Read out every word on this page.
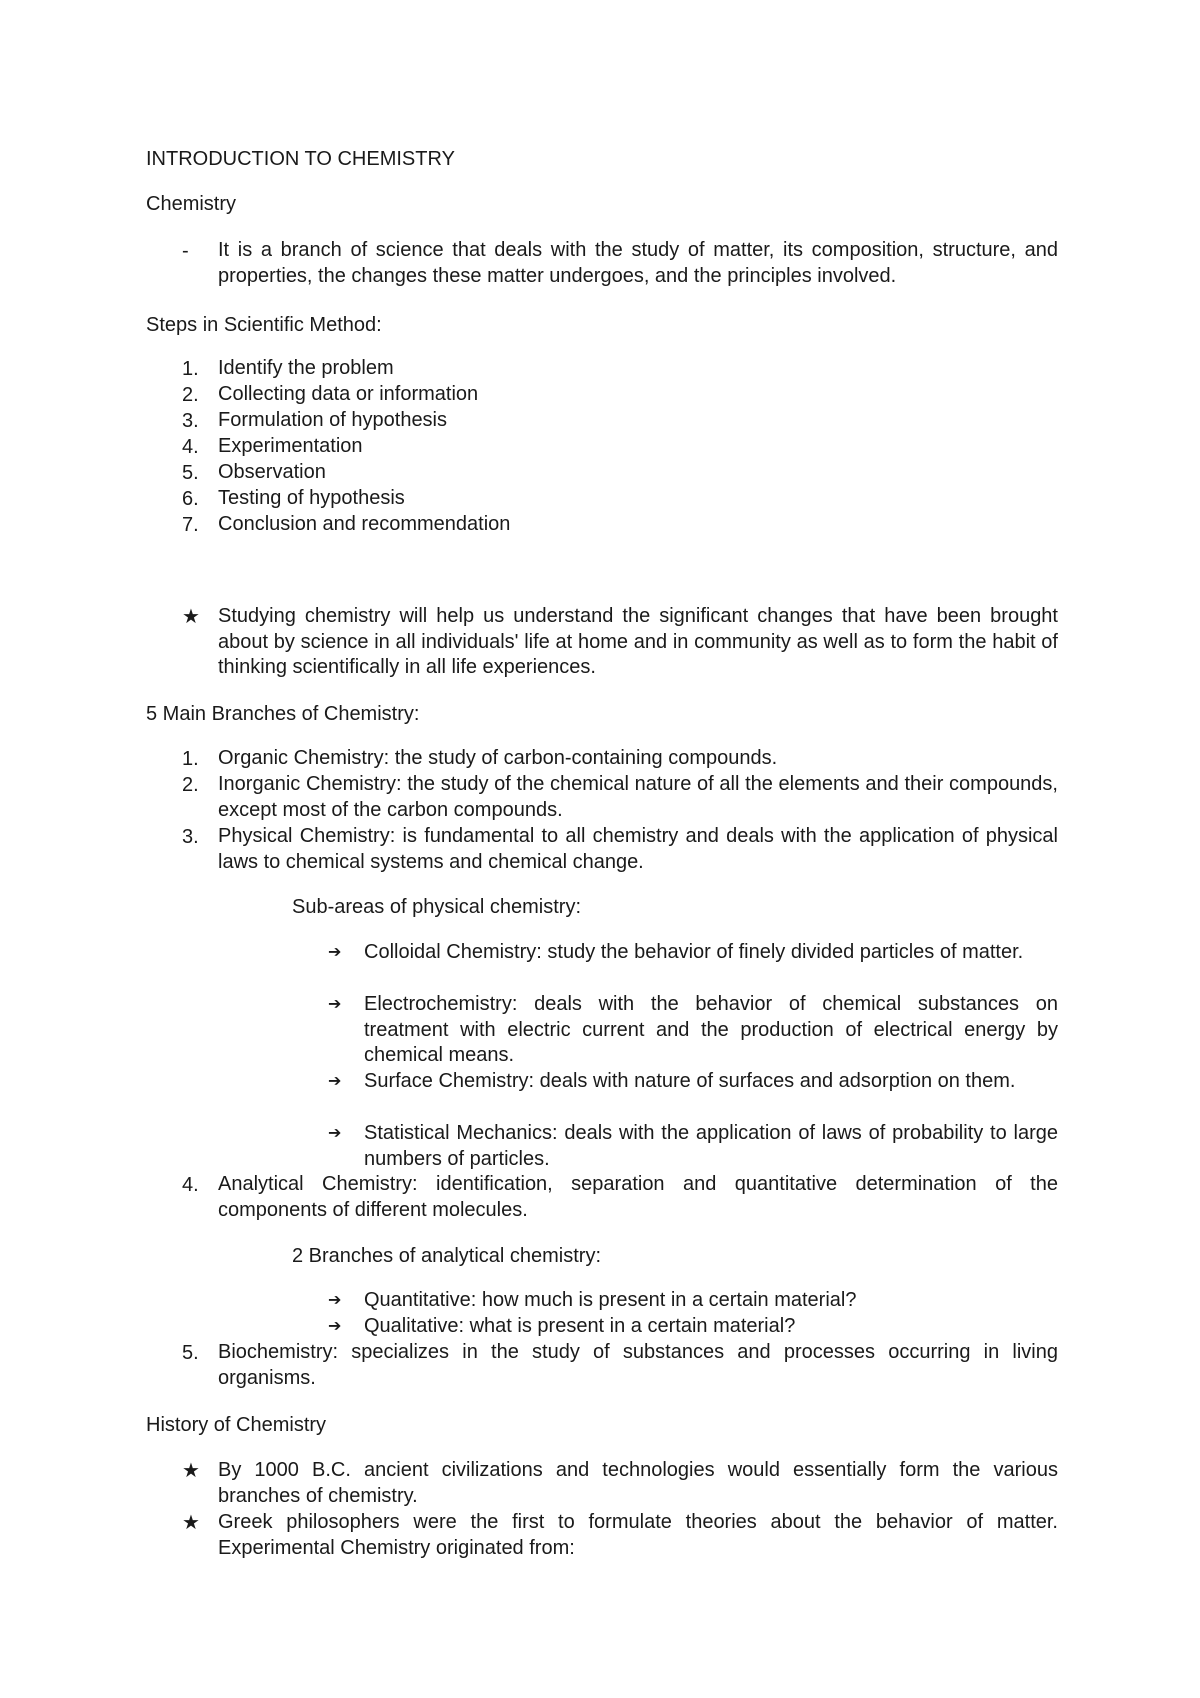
INTRODUCTION TO CHEMISTRY
Chemistry
- It is a branch of science that deals with the study of matter, its composition, structure, and properties, the changes these matter undergoes, and the principles involved.
Steps in Scientific Method:
1. Identify the problem
2. Collecting data or information
3. Formulation of hypothesis
4. Experimentation
5. Observation
6. Testing of hypothesis
7. Conclusion and recommendation
★ Studying chemistry will help us understand the significant changes that have been brought about by science in all individuals' life at home and in community as well as to form the habit of thinking scientifically in all life experiences.
5 Main Branches of Chemistry:
1. Organic Chemistry: the study of carbon-containing compounds.
2. Inorganic Chemistry: the study of the chemical nature of all the elements and their compounds, except most of the carbon compounds.
3. Physical Chemistry: is fundamental to all chemistry and deals with the application of physical laws to chemical systems and chemical change.
Sub-areas of physical chemistry:
➔ Colloidal Chemistry: study the behavior of finely divided particles of matter.
➔ Electrochemistry: deals with the behavior of chemical substances on treatment with electric current and the production of electrical energy by chemical means.
➔ Surface Chemistry: deals with nature of surfaces and adsorption on them.
➔ Statistical Mechanics: deals with the application of laws of probability to large numbers of particles.
4. Analytical Chemistry: identification, separation and quantitative determination of the components of different molecules.
2 Branches of analytical chemistry:
➔ Quantitative: how much is present in a certain material?
➔ Qualitative: what is present in a certain material?
5. Biochemistry: specializes in the study of substances and processes occurring in living organisms.
History of Chemistry
★ By 1000 B.C. ancient civilizations and technologies would essentially form the various branches of chemistry.
★ Greek philosophers were the first to formulate theories about the behavior of matter. Experimental Chemistry originated from:
